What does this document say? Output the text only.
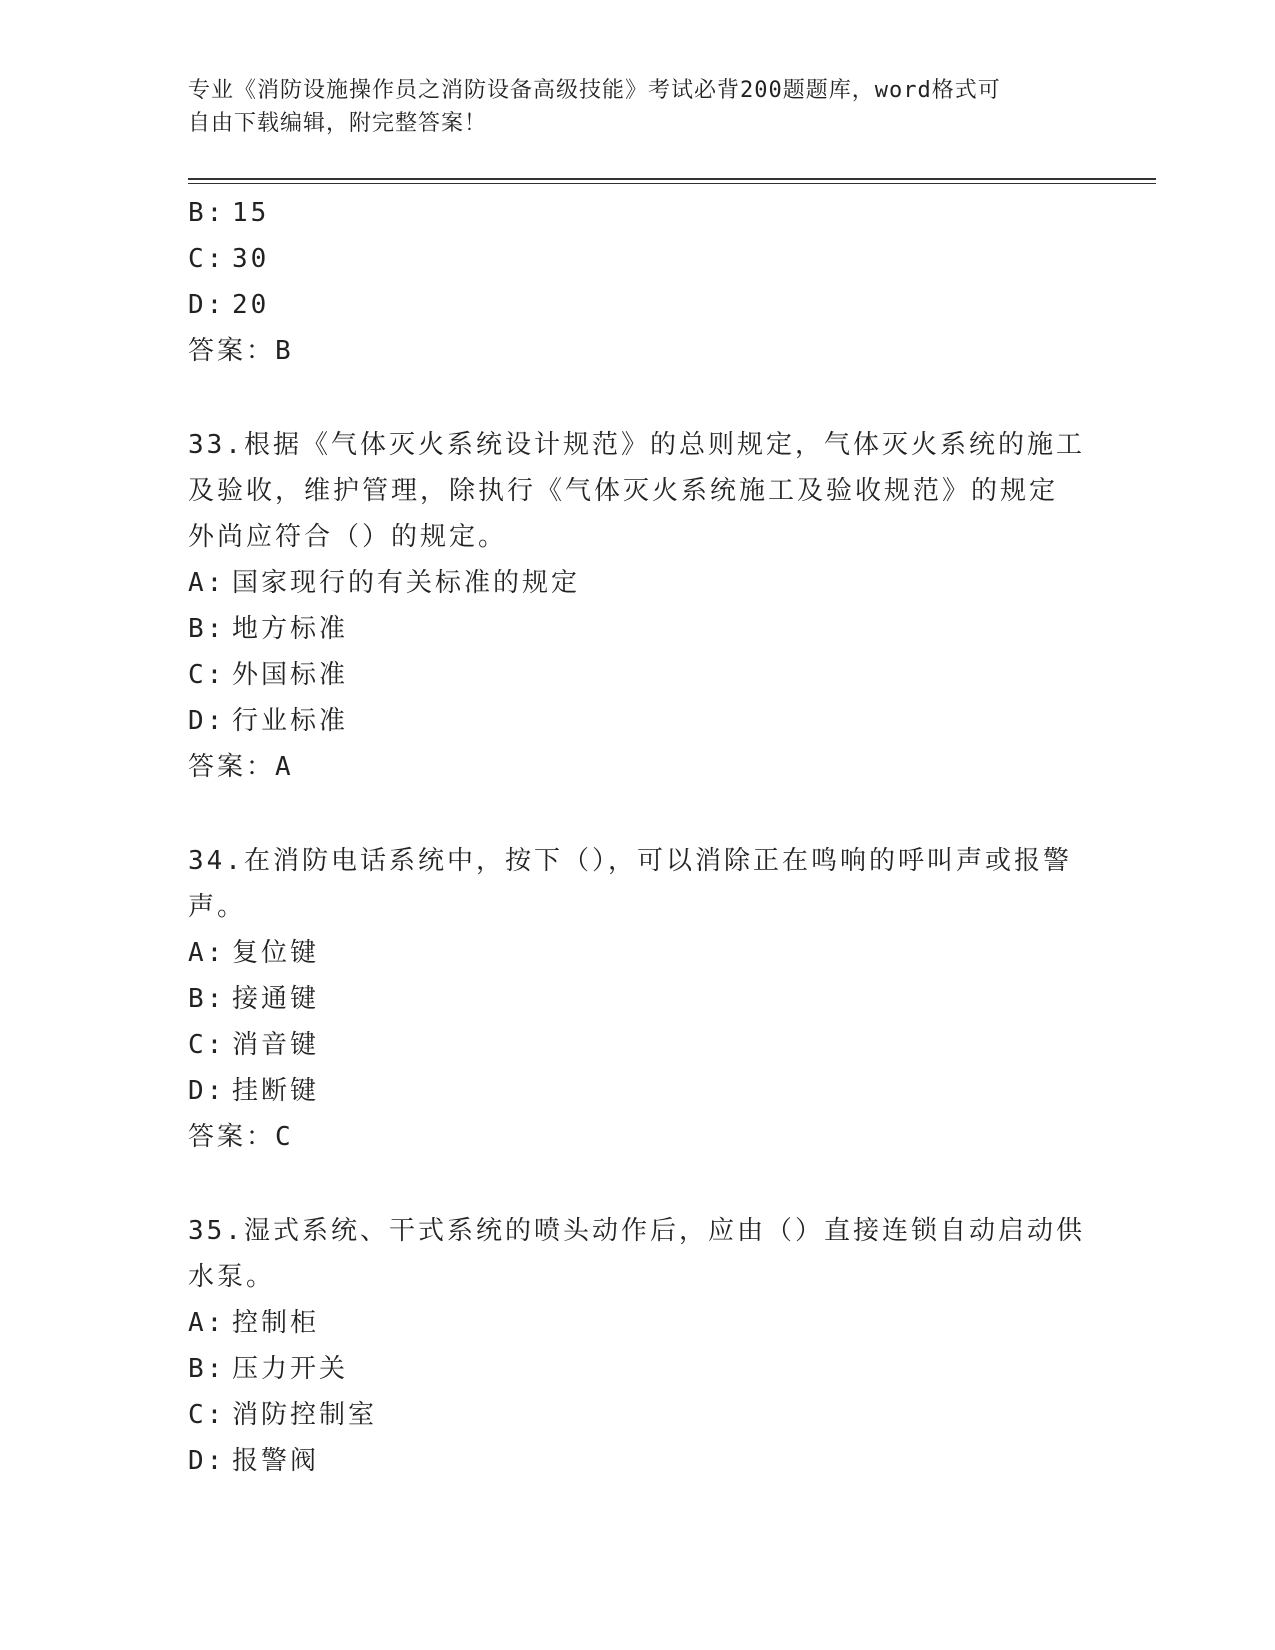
专业《消防设施操作员之消防设备高级技能》考试必背200题题库，word格式可
自由下载编辑，附完整答案！
B: 15
C: 30
D: 20
答案：B
33.根据《气体灭火系统设计规范》的总则规定，气体灭火系统的施工
及验收，维护管理，除执行《气体灭火系统施工及验收规范》的规定
外尚应符合（）的规定。
A: 国家现行的有关标准的规定
B: 地方标准
C: 外国标准
D: 行业标准
答案：A
34.在消防电话系统中，按下（），可以消除正在鸣响的呼叫声或报警
声。
A: 复位键
B: 接通键
C: 消音键
D: 挂断键
答案：C
35.湿式系统、干式系统的喷头动作后，应由（）直接连锁自动启动供
水泵。
A: 控制柜
B: 压力开关
C: 消防控制室
D: 报警阀
